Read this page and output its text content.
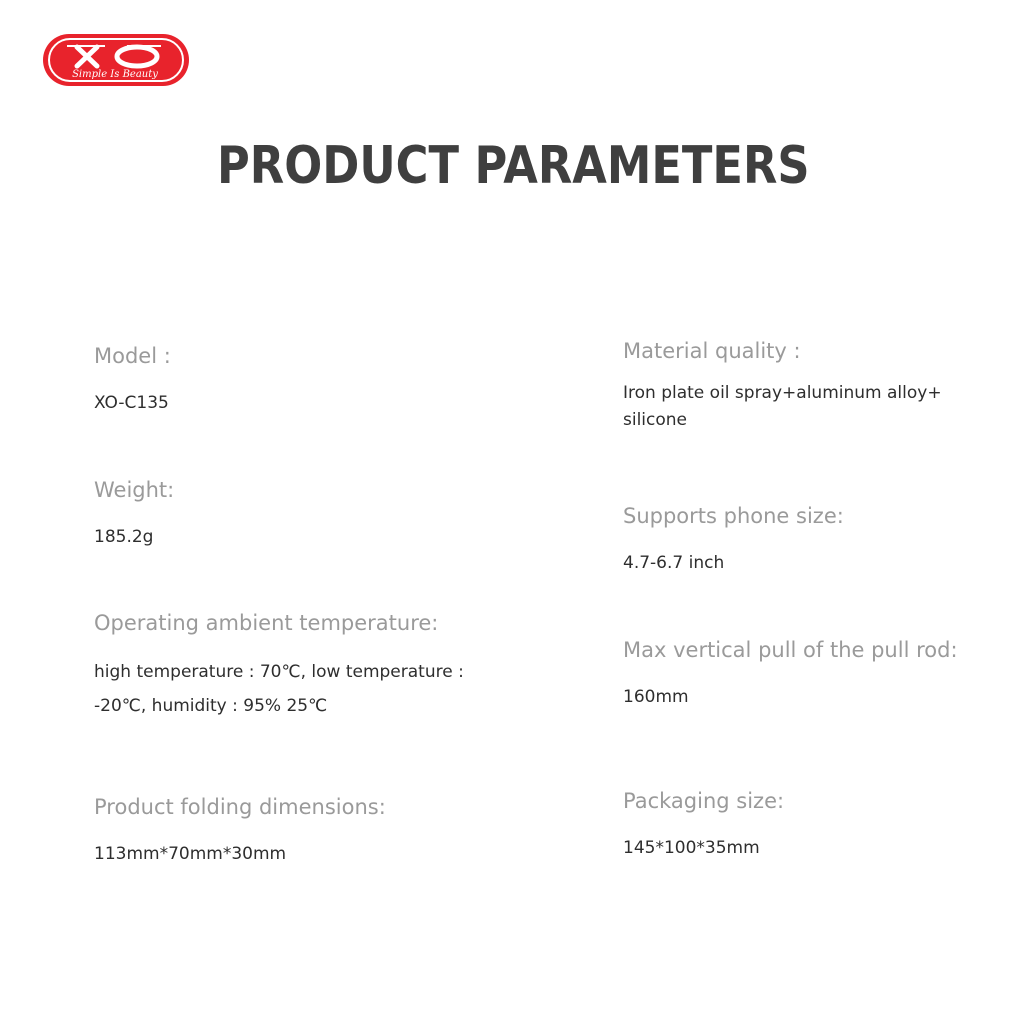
Simple Is Beauty
PRODUCT PARAMETERS
Model :
XO-C135
Weight:
185.2g
Operating ambient temperature:
high temperature : 70℃, low temperature : -20℃, humidity : 95% 25℃
Product folding dimensions:
113mm*70mm*30mm
Material quality :
Iron plate oil spray+aluminum alloy+ silicone
Supports phone size:
4.7-6.7 inch
Max vertical pull of the pull rod:
160mm
Packaging size:
145*100*35mm
